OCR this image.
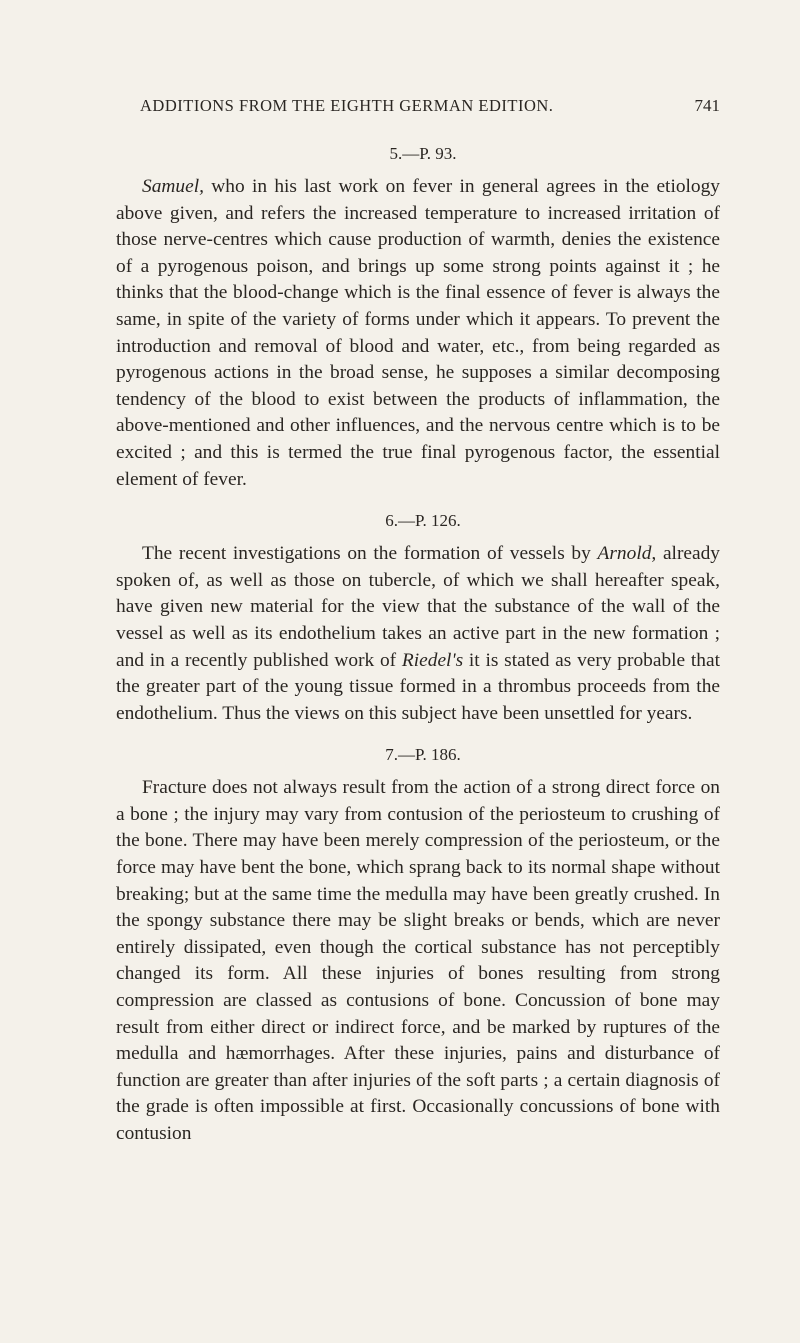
ADDITIONS FROM THE EIGHTH GERMAN EDITION.	741
5.—P. 93.

Samuel, who in his last work on fever in general agrees in the etiology above given, and refers the increased temperature to increased irritation of those nerve-centres which cause production of warmth, denies the existence of a pyrogenous poison, and brings up some strong points against it ; he thinks that the blood-change which is the final essence of fever is always the same, in spite of the variety of forms under which it appears. To prevent the introduction and removal of blood and water, etc., from being regarded as pyrogenous actions in the broad sense, he supposes a similar decomposing tendency of the blood to exist between the products of inflammation, the above-mentioned and other influences, and the nervous centre which is to be excited ; and this is termed the true final pyrogenous factor, the essential element of fever.

6.—P. 126.

The recent investigations on the formation of vessels by Arnold, already spoken of, as well as those on tubercle, of which we shall hereafter speak, have given new material for the view that the substance of the wall of the vessel as well as its endothelium takes an active part in the new formation ; and in a recently published work of Riedel's it is stated as very probable that the greater part of the young tissue formed in a thrombus proceeds from the endothelium. Thus the views on this subject have been unsettled for years.

7.—P. 186.

Fracture does not always result from the action of a strong direct force on a bone ; the injury may vary from contusion of the periosteum to crushing of the bone. There may have been merely compression of the periosteum, or the force may have bent the bone, which sprang back to its normal shape without breaking; but at the same time the medulla may have been greatly crushed. In the spongy substance there may be slight breaks or bends, which are never entirely dissipated, even though the cortical substance has not perceptibly changed its form. All these injuries of bones resulting from strong compression are classed as contusions of bone. Concussion of bone may result from either direct or indirect force, and be marked by ruptures of the medulla and hæmorrhages. After these injuries, pains and disturbance of function are greater than after injuries of the soft parts ; a certain diagnosis of the grade is often impossible at first. Occasionally concussions of bone with contusion
